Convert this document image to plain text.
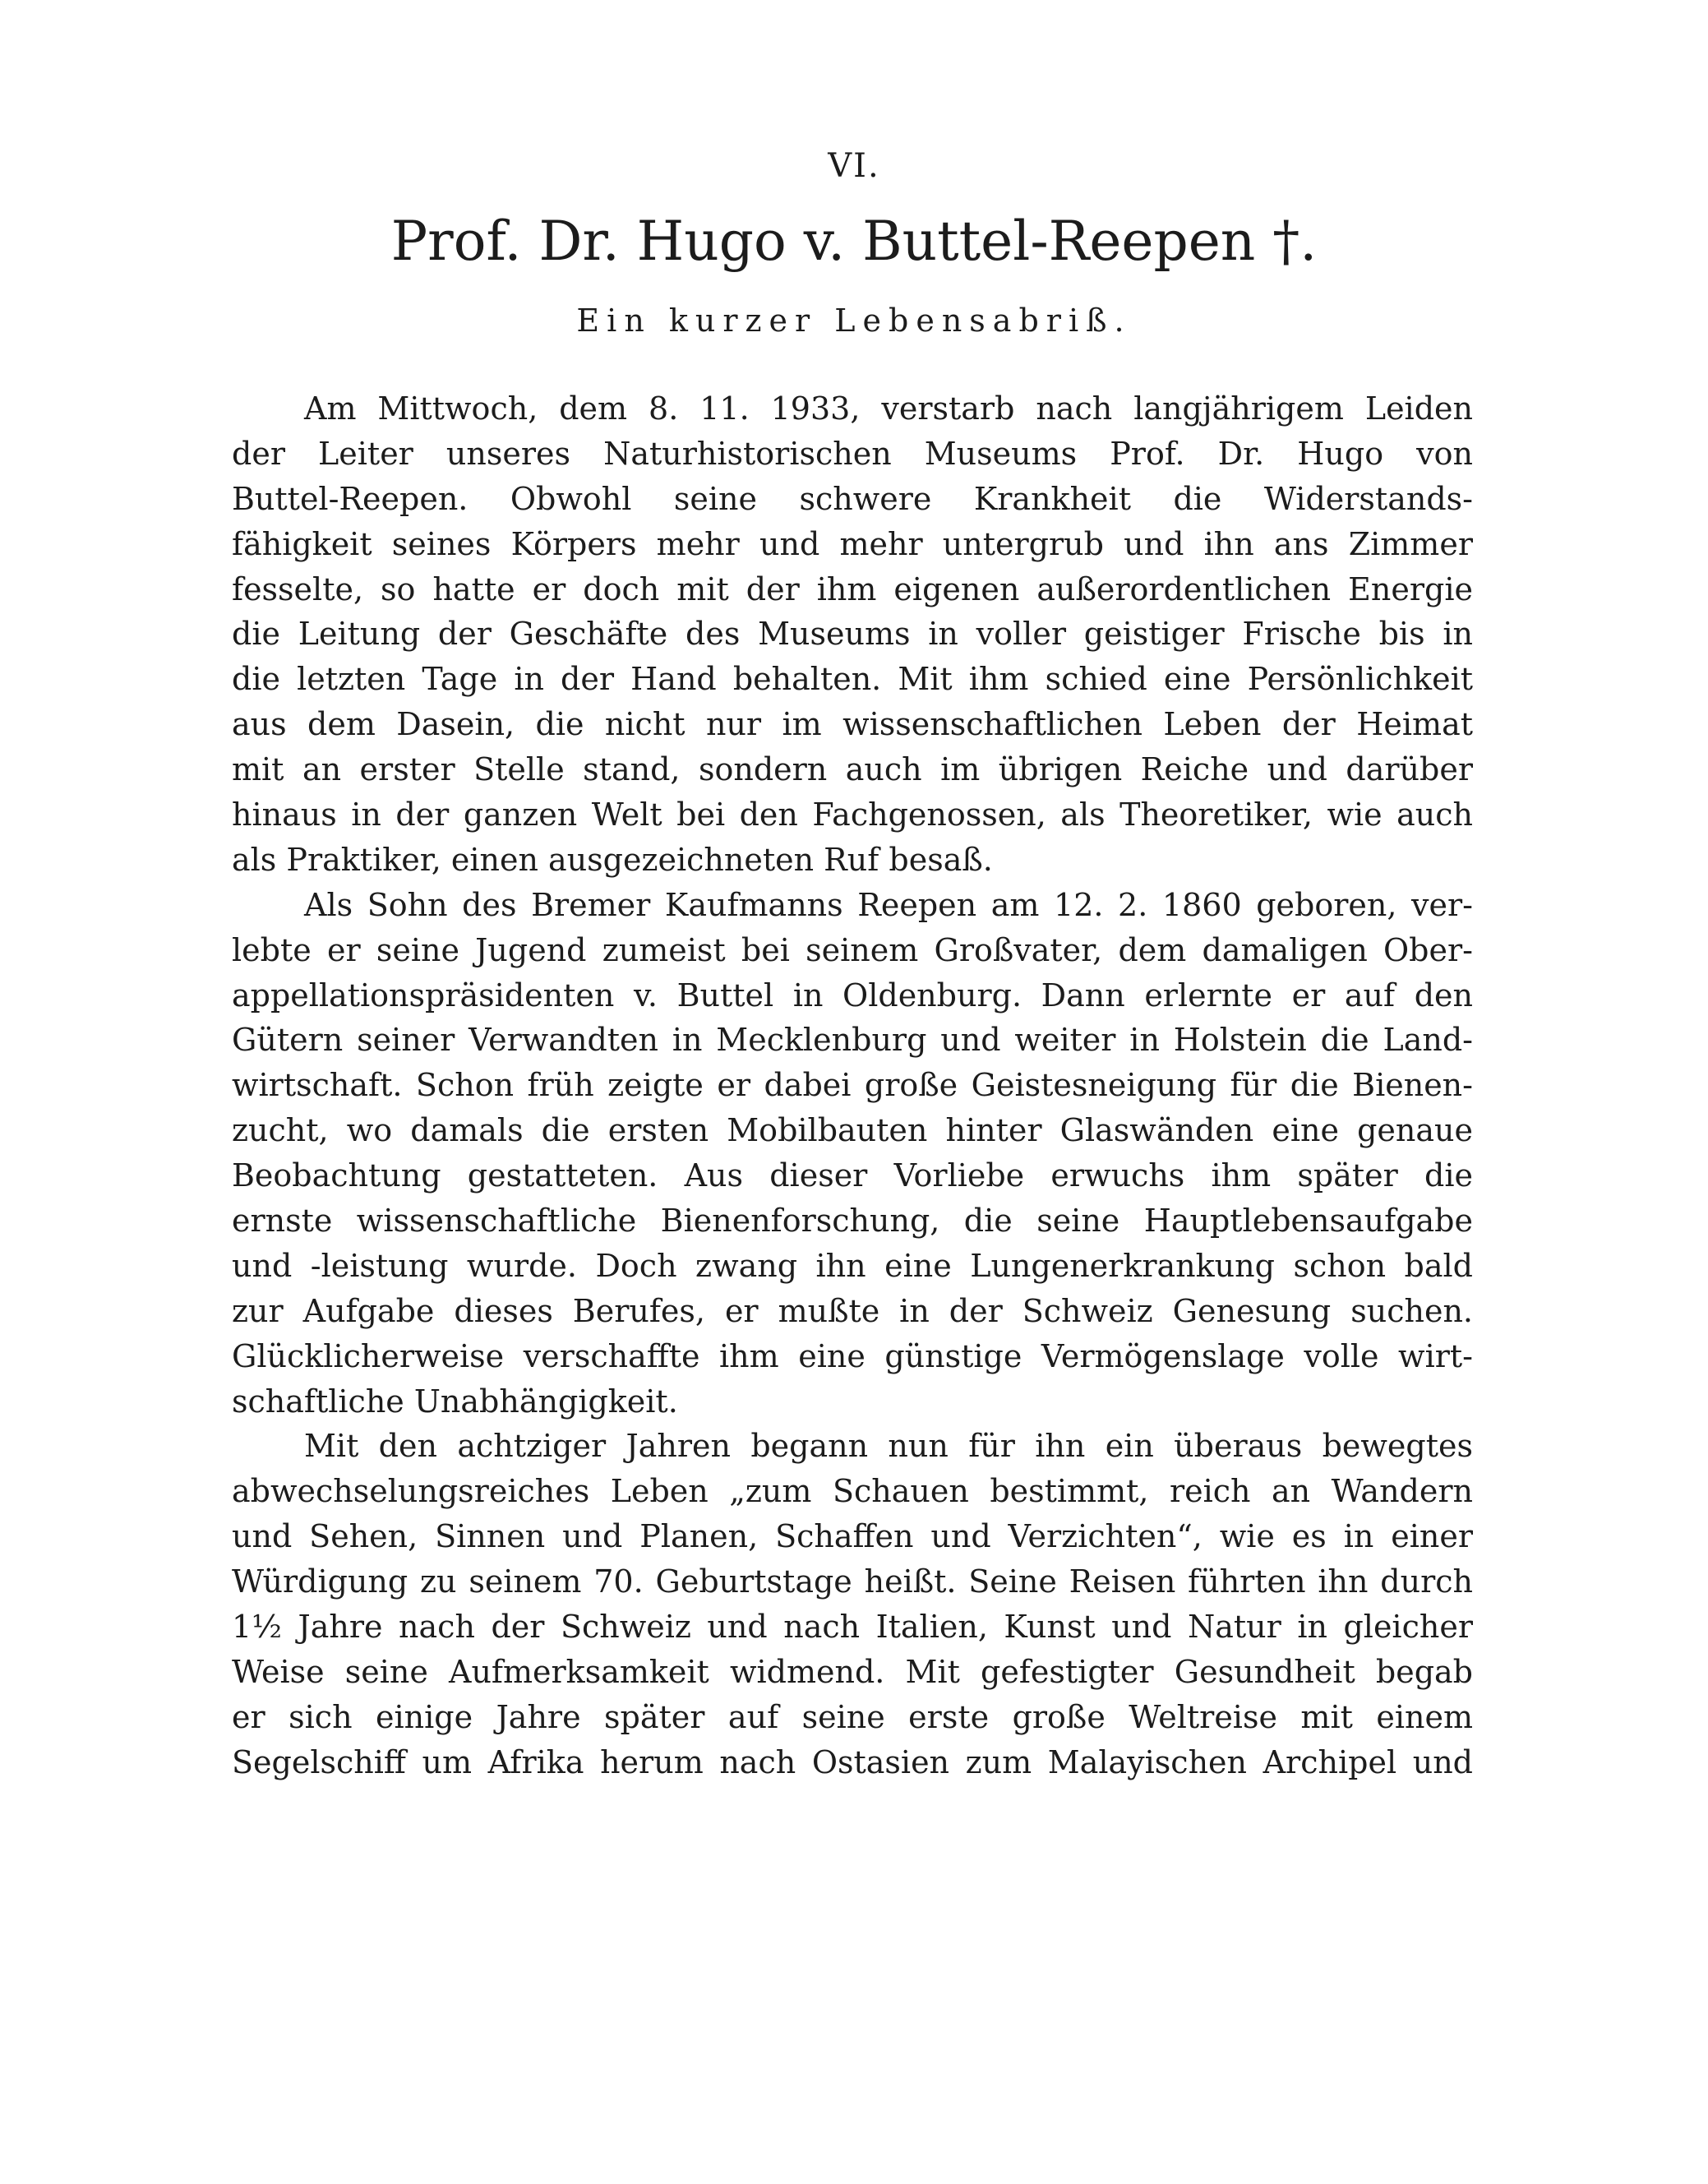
VI.
Prof. Dr. Hugo v. Buttel-Reepen †.
Ein kurzer Lebensabriß.
Am Mittwoch, dem 8. 11. 1933, verstarb nach langjährigem Leiden
der Leiter unseres Naturhistorischen Museums Prof. Dr. Hugo von
Buttel-Reepen. Obwohl seine schwere Krankheit die Widerstands-
fähigkeit seines Körpers mehr und mehr untergrub und ihn ans Zimmer
fesselte, so hatte er doch mit der ihm eigenen außerordentlichen Energie
die Leitung der Geschäfte des Museums in voller geistiger Frische bis in
die letzten Tage in der Hand behalten. Mit ihm schied eine Persönlichkeit
aus dem Dasein, die nicht nur im wissenschaftlichen Leben der Heimat
mit an erster Stelle stand, sondern auch im übrigen Reiche und darüber
hinaus in der ganzen Welt bei den Fachgenossen, als Theoretiker, wie auch
als Praktiker, einen ausgezeichneten Ruf besaß.
Als Sohn des Bremer Kaufmanns Reepen am 12. 2. 1860 geboren, ver-
lebte er seine Jugend zumeist bei seinem Großvater, dem damaligen Ober-
appellationspräsidenten v. Buttel in Oldenburg. Dann erlernte er auf den
Gütern seiner Verwandten in Mecklenburg und weiter in Holstein die Land-
wirtschaft. Schon früh zeigte er dabei große Geistesneigung für die Bienen-
zucht, wo damals die ersten Mobilbauten hinter Glaswänden eine genaue
Beobachtung gestatteten. Aus dieser Vorliebe erwuchs ihm später die
ernste wissenschaftliche Bienenforschung, die seine Hauptlebensaufgabe
und -leistung wurde. Doch zwang ihn eine Lungenerkrankung schon bald
zur Aufgabe dieses Berufes, er mußte in der Schweiz Genesung suchen.
Glücklicherweise verschaffte ihm eine günstige Vermögenslage volle wirt-
schaftliche Unabhängigkeit.
Mit den achtziger Jahren begann nun für ihn ein überaus bewegtes
abwechselungsreiches Leben „zum Schauen bestimmt, reich an Wandern
und Sehen, Sinnen und Planen, Schaffen und Verzichten“, wie es in einer
Würdigung zu seinem 70. Geburtstage heißt. Seine Reisen führten ihn durch
1½ Jahre nach der Schweiz und nach Italien, Kunst und Natur in gleicher
Weise seine Aufmerksamkeit widmend. Mit gefestigter Gesundheit begab
er sich einige Jahre später auf seine erste große Weltreise mit einem
Segelschiff um Afrika herum nach Ostasien zum Malayischen Archipel und
